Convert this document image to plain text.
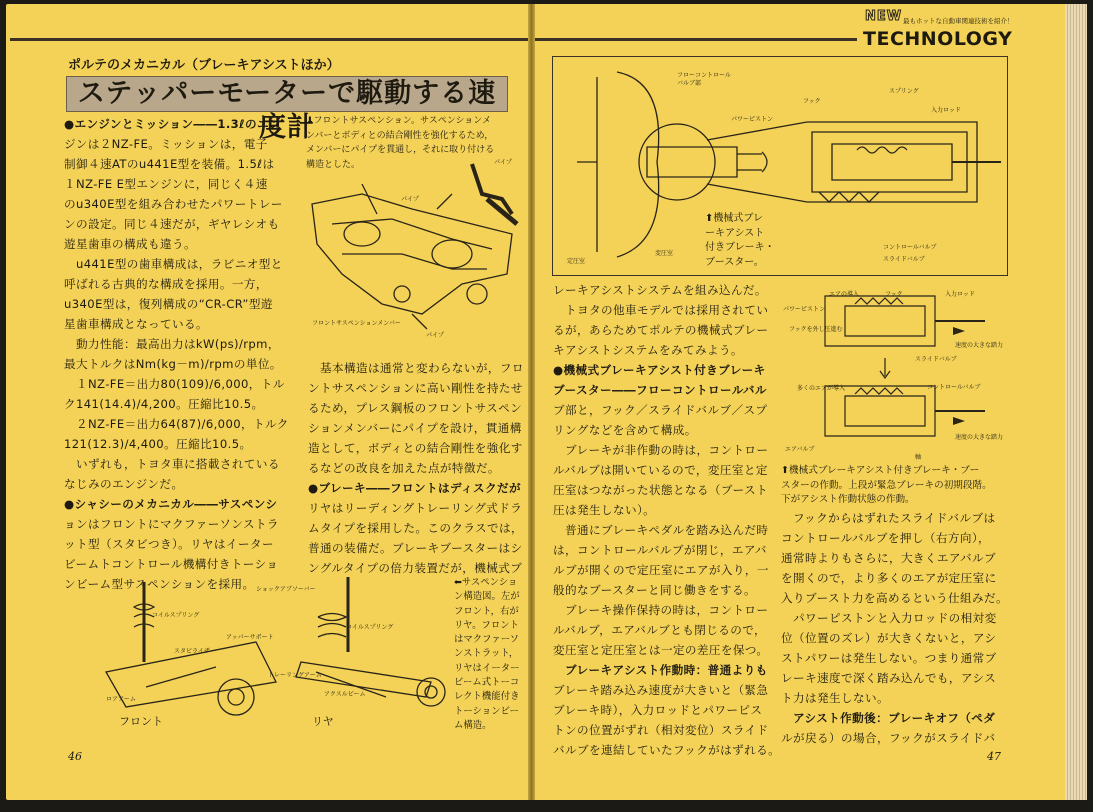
ポルテのメカニカル（ブレーキアシストほか）
ステッパーモーターで駆動する速度計
●エンジンとミッション――1.3ℓのエン
ジンは２NZ-FE。ミッションは，電子
制御４速ATのu441E型を装備。1.5ℓは
１NZ-FE E型エンジンに，同じく４速
のu340E型を組み合わせたパワートレー
ンの設定。同じ４速だが，ギヤレシオも
遊星歯車の構成も違う。
　u441E型の歯車構成は，ラビニオ型と
呼ばれる古典的な構成を採用。一方，
u340E型は，復列構成の“CR-CR”型遊
星歯車構成となっている。
　動力性能：最高出力はkW(ps)/rpm，
最大トルクはNm(kg－m)/rpmの単位。
　１NZ-FE＝出力80(109)/6,000，トル
ク141(14.4)/4,200。圧縮比10.5。
　２NZ-FE＝出力64(87)/6,000，トルク
121(12.3)/4,400。圧縮比10.5。
　いずれも，トヨタ車に搭載されている
なじみのエンジンだ。
●シャシーのメカニカル――サスペンシ
ョンはフロントにマクファーソンストラ
ット型（スタビつき）。リヤはイーター
ビームトコントロール機構付きトーショ
ンビーム型サスペンションを採用。
⬇フロントサスペンション。サスペンションメ
ンバーとボディとの結合剛性を強化するため，
メンバーにパイプを貫通し，それに取り付ける
構造とした。	パイプ
パイプ
パイプ
フロントサスペンションメンバー
　基本構造は通常と変わらないが，フロ
ントサスペンションに高い剛性を持たせ
るため，プレス鋼板のフロントサスペン
ションメンバーにパイプを設け，貫通構
造として，ボディとの結合剛性を強化す
るなどの改良を加えた点が特徴だ。
●ブレーキ――フロントはディスクだが
リヤはリーディングトレーリング式ドラ
ムタイプを採用した。このクラスでは，
普通の装備だ。ブレーキブースターはシ
ングルタイプの倍力装置だが，機械式ブ
コイルスプリング
ショックアブソーバー
スタビライザー
ロアアーム
アッパーサポート
トレーリングアーム
コイルスプリング
アクスルビーム
フロント	リヤ
⬅サスペンショ
ン構造図。左が
フロント，右が
リヤ。フロント
はマクファーソ
ンストラット，
リヤはイーター
ビーム式トーコ
レクト機能付き
トーションビー
ム構造。
46
最もホットな自動車関連技術を紹介！
NEW
TECHNOLOGY
フローコントロール
バルブ部
フック
スプリング
入力ロッド
パワーピストン
コントロールバルブ
スライドバルブ
定圧室
変圧室
⬆機械式ブレ
ーキアシスト
付きブレーキ・
ブースター。
レーキアシストシステムを組み込んだ。
　トヨタの他車モデルでは採用されてい
るが，あらためてポルテの機械式ブレー
キアシストシステムをみてみよう。
●機械式ブレーキアシスト付きブレーキ
ブースター――フローコントロールバル
ブ部と，フック／スライドバルブ／スプ
リングなどを含めて構成。
　ブレーキが非作動の時は，コントロー
ルバルブは開いているので，変圧室と定
圧室はつながった状態となる（ブースト
圧は発生しない）。
　普通にブレーキペダルを踏み込んだ時
は，コントロールバルブが閉じ，エアバ
ルブが開くので定圧室にエアが入り，一
般的なブースターと同じ働きをする。
　ブレーキ操作保持の時は，コントロー
ルバルブ，エアバルブとも閉じるので，
変圧室と定圧室とは一定の差圧を保つ。
　ブレーキアシスト作動時：普通よりも
ブレーキ踏み込み速度が大きいと（緊急
ブレーキ時），入力ロッドとパワーピス
トンの位置がずれ（相対変位）スライド
バルブを連結していたフックがはずれる。
エアの導入	フック	入力ロッド
パワーピストン
フックを外し圧進む
速度の大きな踏力
スライドバルブ
多くのエアが導入	コントロールバルブ
速度の大きな踏力
エアバルブ
軸
⬆機械式ブレーキアシスト付きブレーキ・ブー
スターの作動。上段が緊急ブレーキの初期段階。
下がアシスト作動状態の作動。
　フックからはずれたスライドバルブは
コントロールバルブを押し（右方向），
通常時よりもさらに，大きくエアバルブ
を開くので，より多くのエアが定圧室に
入りブースト力を高めるという仕組みだ。
　パワーピストンと入力ロッドの相対変
位（位置のズレ）が大きくないと，アシ
ストパワーは発生しない。つまり通常ブ
レーキ速度で深く踏み込んでも，アシス
ト力は発生しない。
　アシスト作動後：ブレーキオフ（ペダ
ルが戻る）の場合，フックがスライドバ
47
